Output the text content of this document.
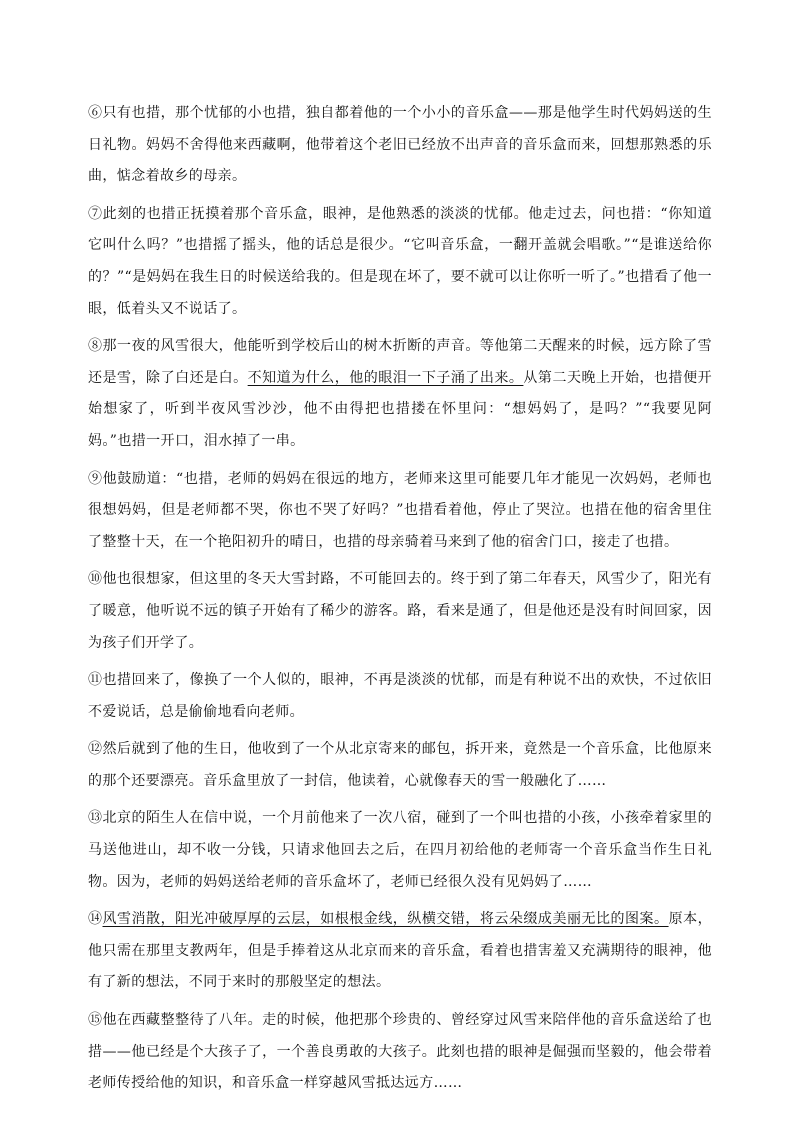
⑥只有也措，那个忧郁的小也措，独自都着他的一个小小的音乐盒——那是他学生时代妈妈送的生日礼物。妈妈不舍得他来西藏啊，他带着这个老旧已经放不出声音的音乐盒而来，回想那熟悉的乐曲，惦念着故乡的母亲。

⑦此刻的也措正抚摸着那个音乐盒，眼神，是他熟悉的淡淡的忧郁。他走过去，问也措：“你知道它叫什么吗？”也措摇了摇头，他的话总是很少。“它叫音乐盒，一翻开盖就会唱歌。”“是谁送给你的？”“是妈妈在我生日的时候送给我的。但是现在坏了，要不就可以让你听一听了。”也措看了他一眼，低着头又不说话了。

⑧那一夜的风雪很大，他能听到学校后山的树木折断的声音。等他第二天醒来的时候，远方除了雪还是雪，除了白还是白。不知道为什么，他的眼泪一下子涌了出来。从第二天晚上开始，也措便开始想家了，听到半夜风雪沙沙，他不由得把也措搂在怀里问：“想妈妈了，是吗？”“我要见阿妈。”也措一开口，泪水掉了一串。

⑨他鼓励道：“也措，老师的妈妈在很远的地方，老师来这里可能要几年才能见一次妈妈，老师也很想妈妈，但是老师都不哭，你也不哭了好吗？”也措看着他，停止了哭泣。也措在他的宿舍里住了整整十天，在一个艳阳初升的晴日，也措的母亲骑着马来到了他的宿舍门口，接走了也措。

⑩他也很想家，但这里的冬天大雪封路，不可能回去的。终于到了第二年春天，风雪少了，阳光有了暖意，他听说不远的镇子开始有了稀少的游客。路，看来是通了，但是他还是没有时间回家，因为孩子们开学了。

⑪也措回来了，像换了一个人似的，眼神，不再是淡淡的忧郁，而是有种说不出的欢快，不过依旧不爱说话，总是偷偷地看向老师。

⑫然后就到了他的生日，他收到了一个从北京寄来的邮包，拆开来，竟然是一个音乐盒，比他原来的那个还要漂亮。音乐盒里放了一封信，他读着，心就像春天的雪一般融化了……

⑬北京的陌生人在信中说，一个月前他来了一次八宿，碰到了一个叫也措的小孩，小孩牵着家里的马送他进山，却不收一分钱，只请求他回去之后，在四月初给他的老师寄一个音乐盒当作生日礼物。因为，老师的妈妈送给老师的音乐盒坏了，老师已经很久没有见妈妈了……

⑭风雪消散，阳光冲破厚厚的云层，如根根金线，纵横交错，将云朵缀成美丽无比的图案。原本，他只需在那里支教两年，但是手捧着这从北京而来的音乐盒，看着也措害羞又充满期待的眼神，他有了新的想法，不同于来时的那般坚定的想法。

⑮他在西藏整整待了八年。走的时候，他把那个珍贵的、曾经穿过风雪来陪伴他的音乐盒送给了也措——他已经是个大孩子了，一个善良勇敢的大孩子。此刻也措的眼神是倔强而坚毅的，他会带着老师传授给他的知识，和音乐盒一样穿越风雪抵达远方……
